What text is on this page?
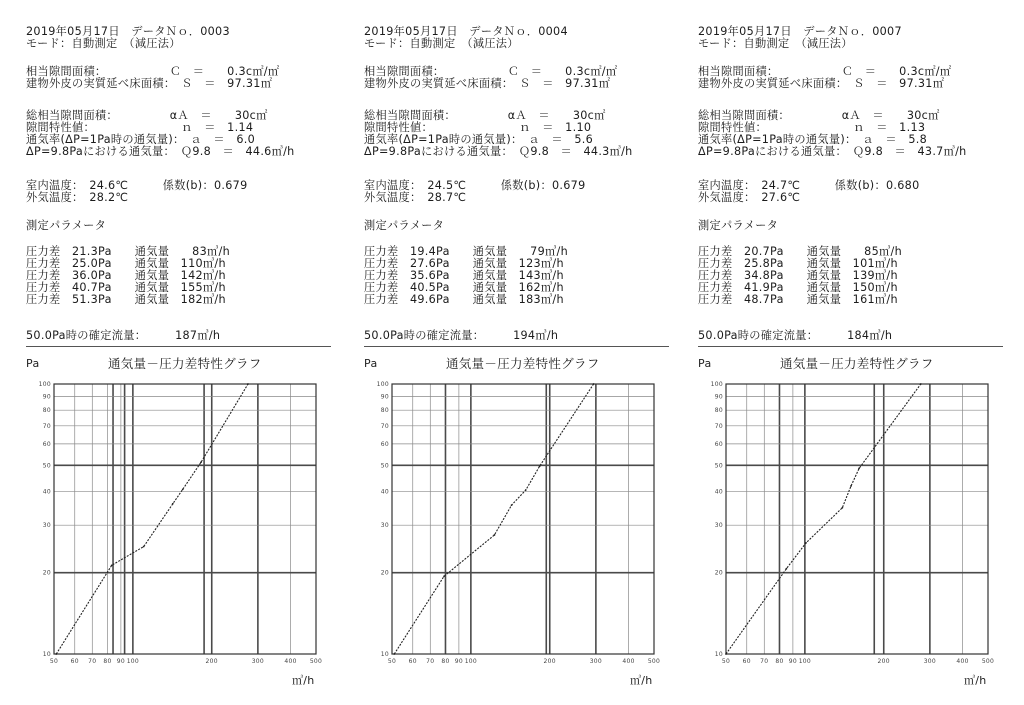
2019年05月17日　データＮｏ．0003
モード：自動測定　（減圧法）
相当隙間面積：　　　　　　Ｃ　＝　　0.3c㎡/㎡
建物外皮の実質延べ床面積：　Ｓ　＝　97.31㎡
総相当隙間面積：　　　　　αＡ　＝　　30c㎡
隙間特性値：　　　　　　　　ｎ　＝　1.14
通気率(ΔP=1Pa時の通気量)：　ａ　＝　6.0
ΔP=9.8Paにおける通気量：　Ｑ9.8　＝　44.6㎥/h
室内温度：　24.6℃　　　係数(b)：0.679
外気温度：　28.2℃
測定パラメータ
圧力差　21.3Pa　　通気量　　83㎥/h
圧力差　25.0Pa　　通気量　110㎥/h
圧力差　36.0Pa　　通気量　142㎥/h
圧力差　40.7Pa　　通気量　155㎥/h
圧力差　51.3Pa　　通気量　182㎥/h
50.0Pa時の確定流量：　　　187㎥/h
Pa	通気量－圧力差特性グラフ
50 60 70 80 90 100	200	300	400 500
10
20
30
40
50
60
70
80
90
100
㎥/h
2019年05月17日　データＮｏ．0004
モード：自動測定　（減圧法）
相当隙間面積：　　　　　　Ｃ　＝　　0.3c㎡/㎡
建物外皮の実質延べ床面積：　Ｓ　＝　97.31㎡
総相当隙間面積：　　　　　αＡ　＝　　30c㎡
隙間特性値：　　　　　　　　ｎ　＝　1.10
通気率(ΔP=1Pa時の通気量)：　ａ　＝　5.6
ΔP=9.8Paにおける通気量：　Ｑ9.8　＝　44.3㎥/h
室内温度：　24.5℃　　　係数(b)：0.679
外気温度：　28.7℃
測定パラメータ
圧力差　19.4Pa　　通気量　　79㎥/h
圧力差　27.6Pa　　通気量　123㎥/h
圧力差　35.6Pa　　通気量　143㎥/h
圧力差　40.5Pa　　通気量　162㎥/h
圧力差　49.6Pa　　通気量　183㎥/h
50.0Pa時の確定流量：　　　194㎥/h
Pa	通気量－圧力差特性グラフ
50 60 70 80 90 100	200	300	400 500
10
20
30
40
50
60
70
80
90
100
㎥/h
2019年05月17日　データＮｏ．0007
モード：自動測定　（減圧法）
相当隙間面積：　　　　　　Ｃ　＝　　0.3c㎡/㎡
建物外皮の実質延べ床面積：　Ｓ　＝　97.31㎡
総相当隙間面積：　　　　　αＡ　＝　　30c㎡
隙間特性値：　　　　　　　　ｎ　＝　1.13
通気率(ΔP=1Pa時の通気量)：　ａ　＝　5.8
ΔP=9.8Paにおける通気量：　Ｑ9.8　＝　43.7㎥/h
室内温度：　24.7℃　　　係数(b)：0.680
外気温度：　27.6℃
測定パラメータ
圧力差　20.7Pa　　通気量　　85㎥/h
圧力差　25.8Pa　　通気量　101㎥/h
圧力差　34.8Pa　　通気量　139㎥/h
圧力差　41.9Pa　　通気量　150㎥/h
圧力差　48.7Pa　　通気量　161㎥/h
50.0Pa時の確定流量：　　　184㎥/h
Pa	通気量－圧力差特性グラフ
50 60 70 80 90 100	200	300	400 500
10
20
30
40
50
60
70
80
90
100
㎥/h
